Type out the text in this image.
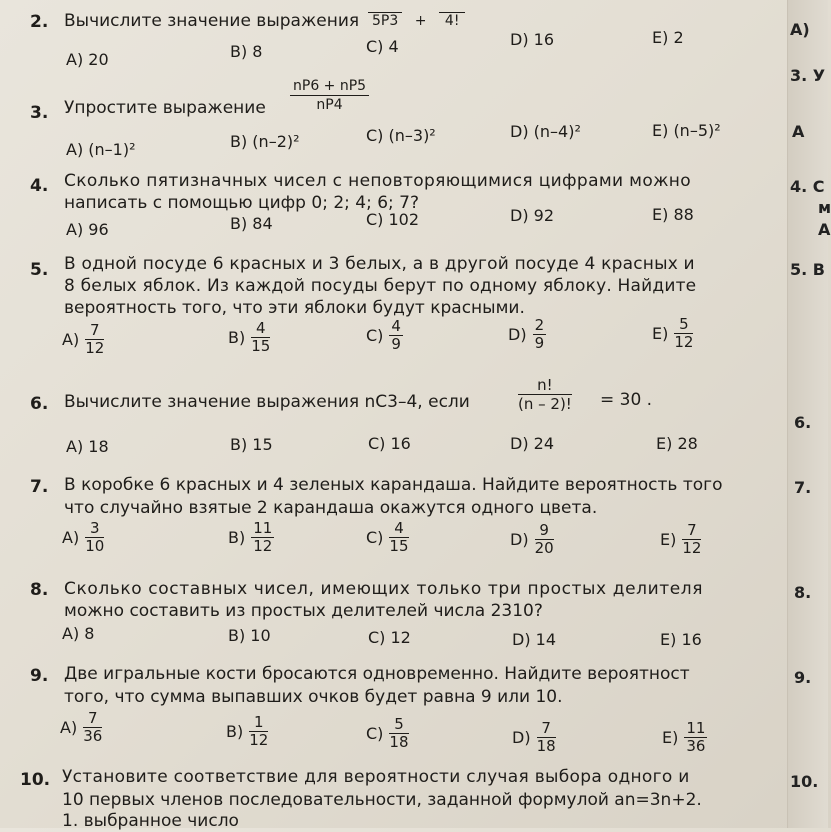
2. Вычислите значение выражения 5P3 + 4!
A) 20	B) 8	C) 4	D) 16	E) 2
3. Упростите выражение $\frac{nP6 + nP5}{nP4}$
A) (n–1)²	B) (n–2)²	C) (n–3)²	D) (n–4)²	E) (n–5)²
4. Сколько пятизначных чисел с неповторяющимися цифрами можно
написать с помощью цифр 0; 2; 4; 6; 7?
A) 96	B) 84	C) 102	D) 92	E) 88
5. В одной посуде 6 красных и 3 белых, а в другой посуде 4 красных и
8 белых яблок. Из каждой посуды берут по одному яблоку. Найдите
вероятность того, что эти яблоки будут красными.
$A) \frac{7}{12}$	$B) \frac{4}{15}$	$C) \frac{4}{9}$	$D) \frac{2}{9}$	$E) \frac{5}{12}$
6. Вычислите значение выражения nC3–4, если
n!
(n – 2)! = 30 .
A) 18	B) 15	C) 16	D) 24	E) 28
7. В коробке 6 красных и 4 зеленых карандаша. Найдите вероятность того
что случайно взятые 2 карандаша окажутся одного цвета.
$A) \frac{3}{10}$	$B) \frac{11}{12}$	$C) \frac{4}{15}$	$D) \frac{9}{20}$	$E) \frac{7}{12}$
8. Сколько составных чисел, имеющих только три простых делителя
можно составить из простых делителей числа 2310?
A) 8	B) 10	C) 12	D) 14	E) 16
9. Две игральные кости бросаются одновременно. Найдите вероятност
того, что сумма выпавших очков будет равна 9 или 10.
$A) \frac{7}{36}$	$B) \frac{1}{12}$	$C) \frac{5}{18}$	$D) \frac{7}{18}$	$E) \frac{11}{36}$
10. Установите соответствие для вероятности случая выбора одного и
10 первых членов последовательности, заданной формулой an=3n+2.
1. выбранное число
A)
3. У
A
4. С
м
A
5. В
6.
7.
8.
9.
10.
